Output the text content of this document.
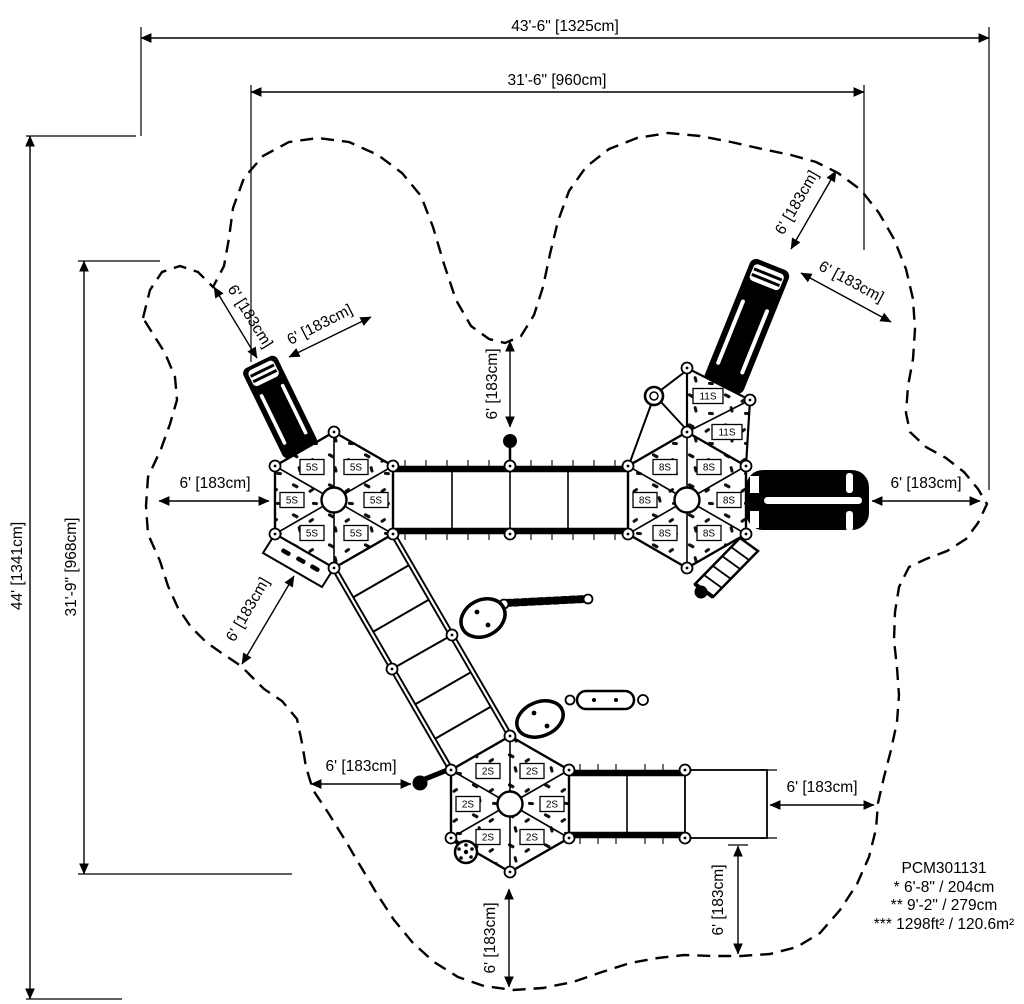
43'-6" [1325cm]
31'-6" [960cm]
44' [1341cm] 31'-9" [968cm]
6' [183cm]
6' [183cm]
6' [183cm] 6' [183cm]
6' [183cm]
6' [183cm]	6' [183cm]
6' [183cm]
6' [183cm]
6' [183cm]
6' [183cm]
6' [183cm]
5S	5S
5S	5S
5S	5S
8S	8S
8S	8S
8S	8S
11S
11S
2S	2S
2S	2S
2S	2S
PCM301131
* 6'-8" / 204cm
** 9'-2" / 279cm
*** 1298ft² / 120.6m²
